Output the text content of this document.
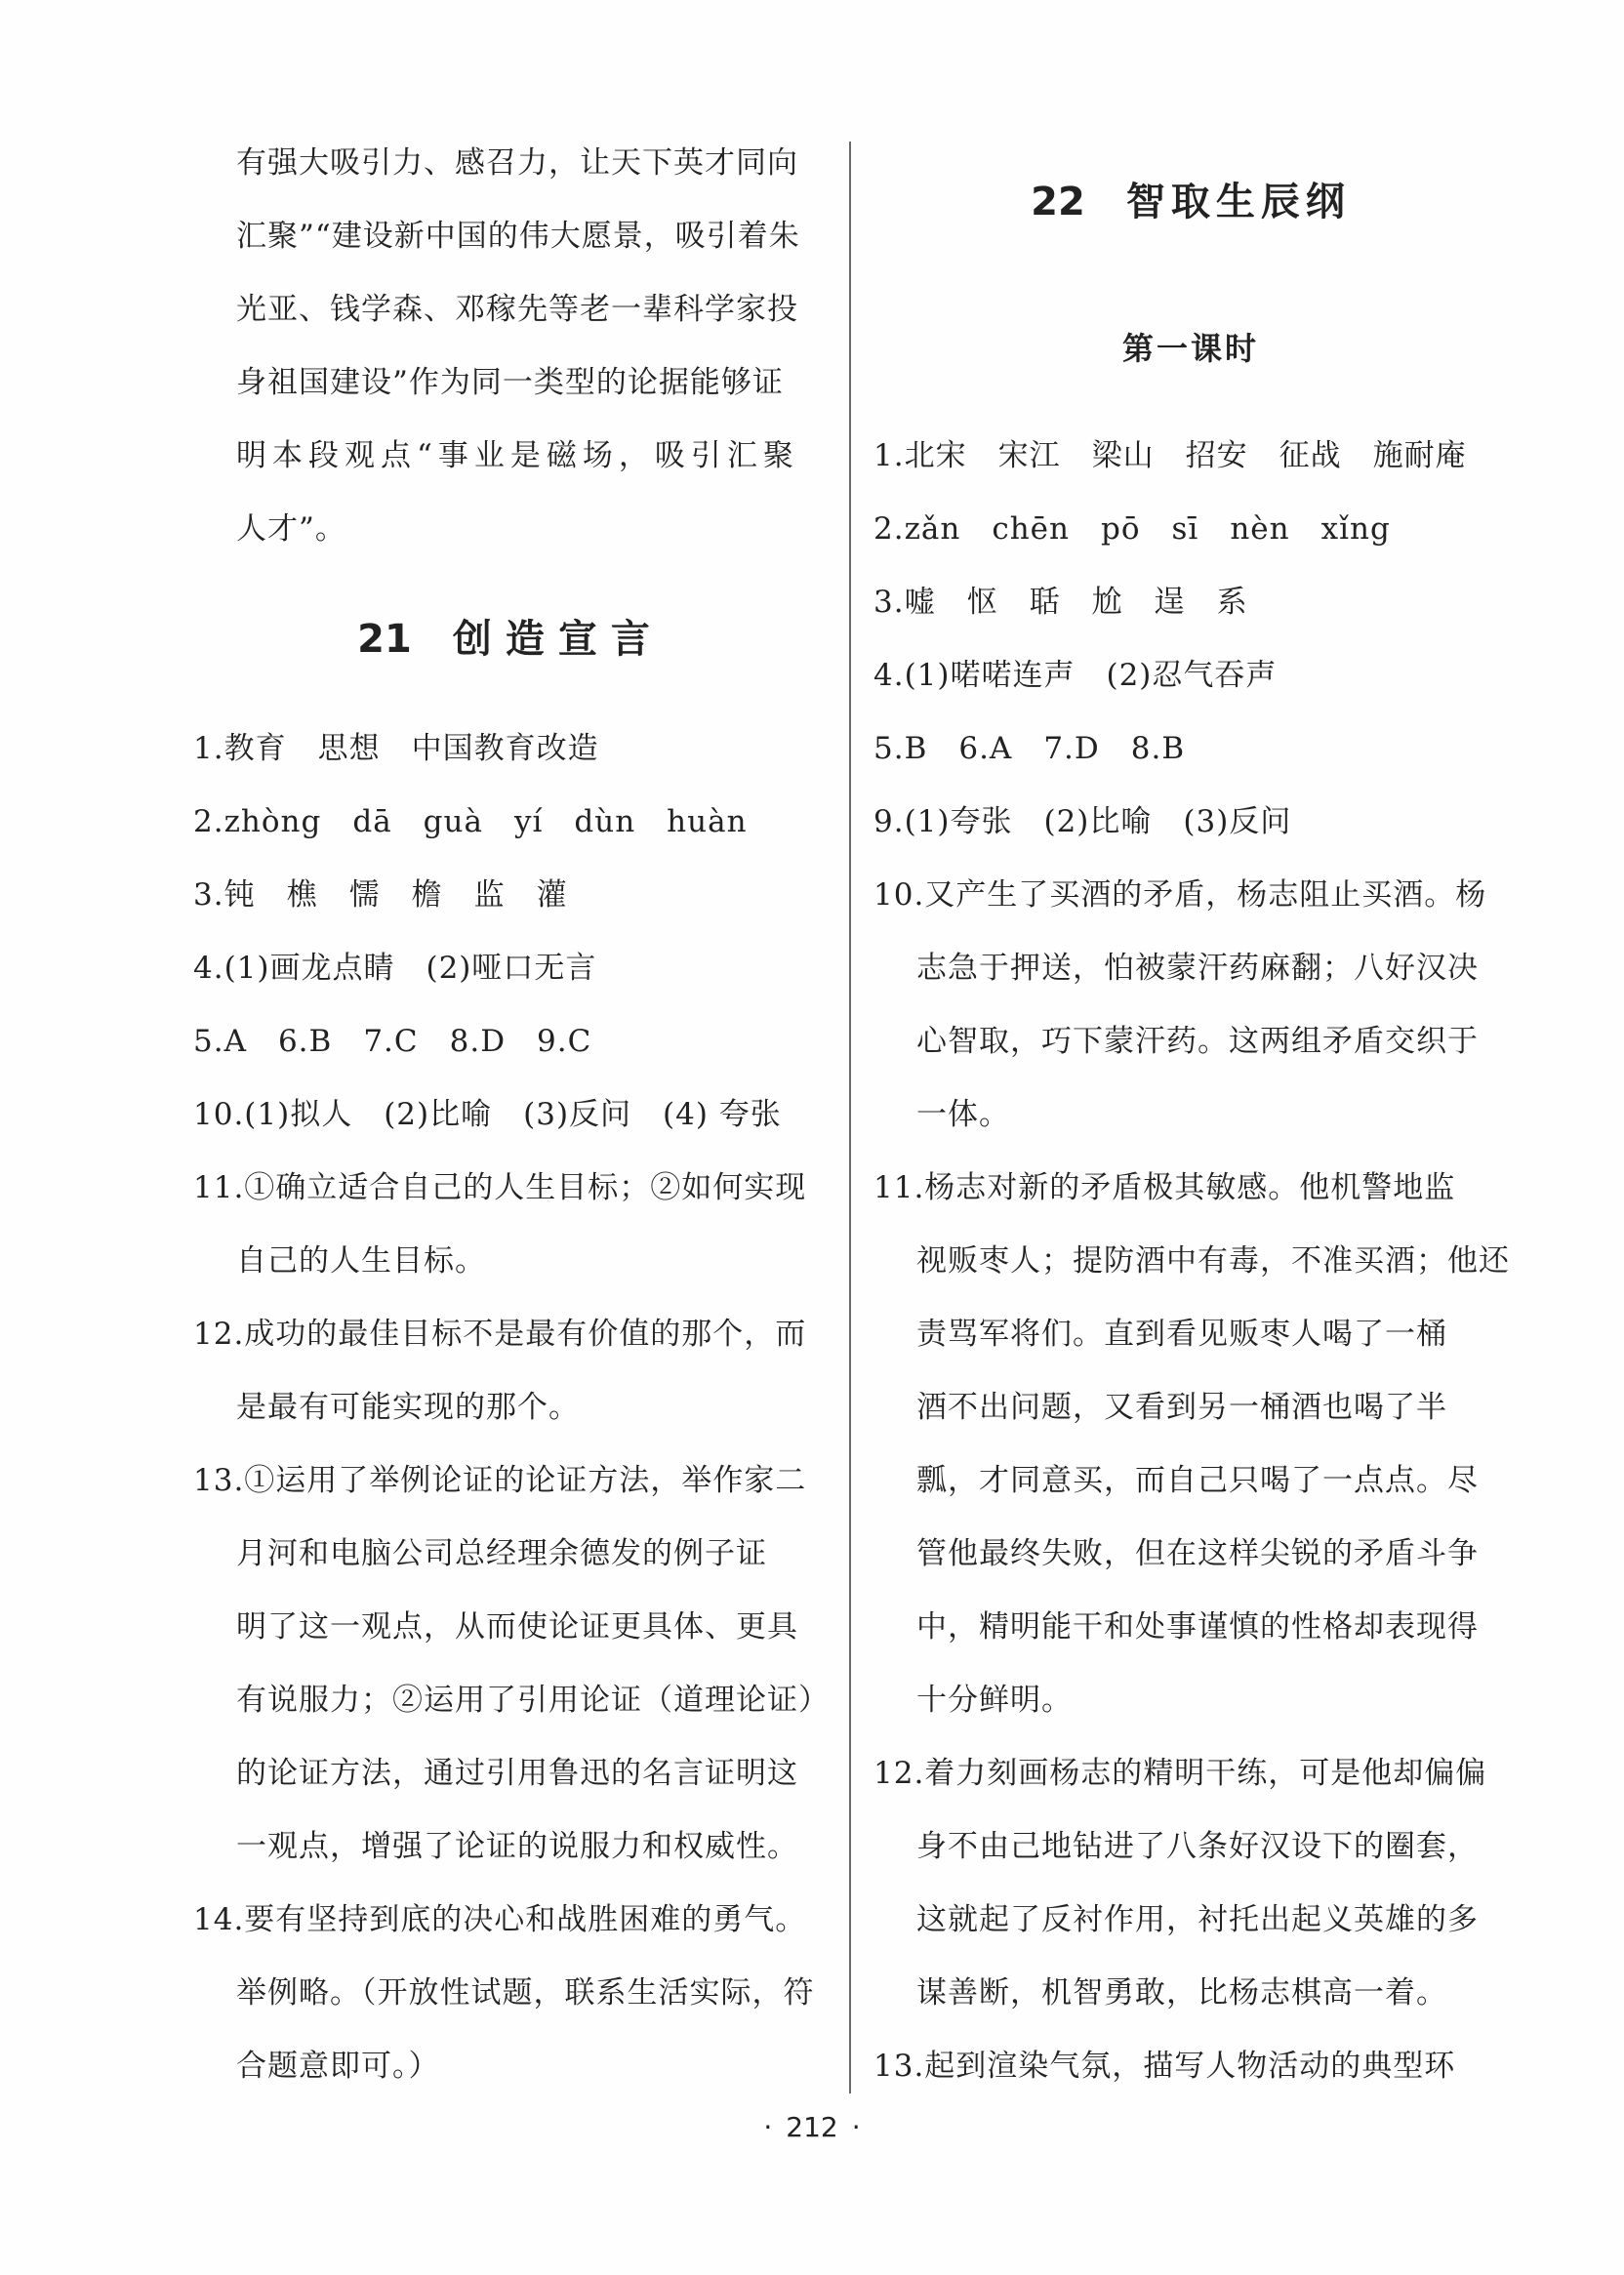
有强大吸引力、感召力，让天下英才同向
汇聚”“建设新中国的伟大愿景，吸引着朱
光亚、钱学森、邓稼先等老一辈科学家投
身祖国建设”作为同一类型的论据能够证
明本段观点“事业是磁场，吸引汇聚
人才”。
21 创造宣言
1.教育　思想　中国教育改造
2.zhòng　dā　guà　yí　dùn　huàn
3.钝　樵　懦　檐　监　灌
4.(1)画龙点睛　(2)哑口无言
5.A　6.B　7.C　8.D　9.C
10.(1)拟人　(2)比喻　(3)反问　(4) 夸张
11.①确立适合自己的人生目标；②如何实现
自己的人生目标。
12.成功的最佳目标不是最有价值的那个，而
是最有可能实现的那个。
13.①运用了举例论证的论证方法，举作家二
月河和电脑公司总经理余德发的例子证
明了这一观点，从而使论证更具体、更具
有说服力；②运用了引用论证（道理论证）
的论证方法，通过引用鲁迅的名言证明这
一观点，增强了论证的说服力和权威性。
14.要有坚持到底的决心和战胜困难的勇气。
举例略。（开放性试题，联系生活实际，符
合题意即可。）
22 智取生辰纲
第一课时
1.北宋　宋江　梁山　招安　征战　施耐庵
2.zǎn　chēn　pō　sī　nèn　xǐng
3.嘘　怄　聒　尬　逞　系
4.(1)喏喏连声　(2)忍气吞声
5.B　6.A　7.D　8.B
9.(1)夸张　(2)比喻　(3)反问
10.又产生了买酒的矛盾，杨志阻止买酒。杨
志急于押送，怕被蒙汗药麻翻；八好汉决
心智取，巧下蒙汗药。这两组矛盾交织于
一体。
11.杨志对新的矛盾极其敏感。他机警地监
视贩枣人；提防酒中有毒，不准买酒；他还
责骂军将们。直到看见贩枣人喝了一桶
酒不出问题，又看到另一桶酒也喝了半
瓢，才同意买，而自己只喝了一点点。尽
管他最终失败，但在这样尖锐的矛盾斗争
中，精明能干和处事谨慎的性格却表现得
十分鲜明。
12.着力刻画杨志的精明干练，可是他却偏偏
身不由己地钻进了八条好汉设下的圈套，
这就起了反衬作用，衬托出起义英雄的多
谋善断，机智勇敢，比杨志棋高一着。
13.起到渲染气氛，描写人物活动的典型环
· 212 ·
